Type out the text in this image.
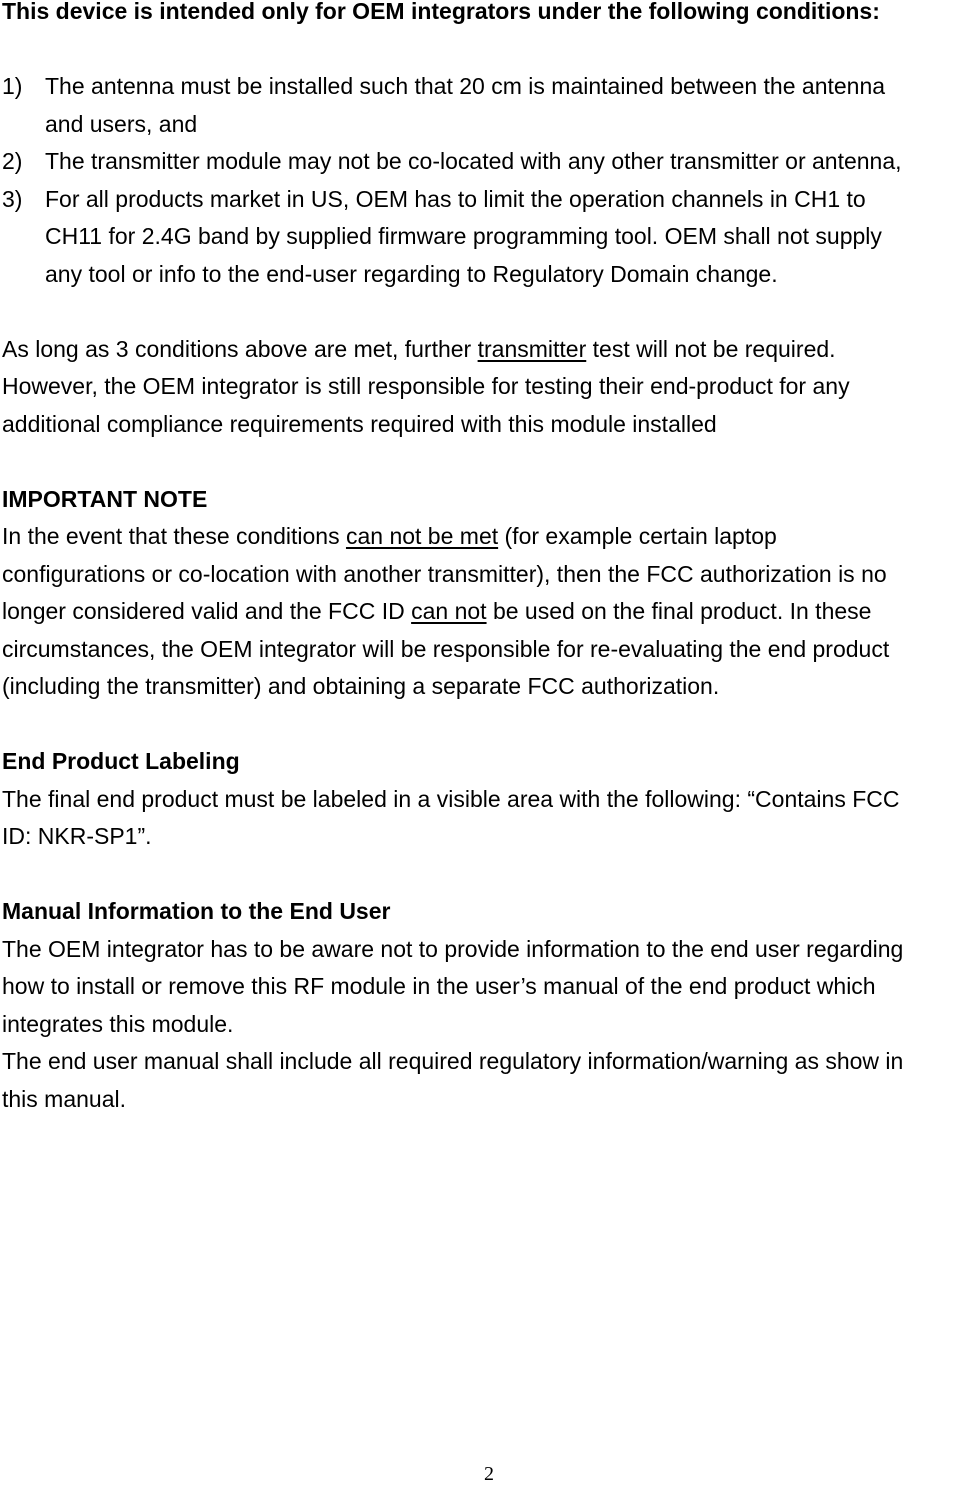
This device is intended only for OEM integrators under the following conditions:

1) The antenna must be installed such that 20 cm is maintained between the antenna

and users, and

2) The transmitter module may not be co-located with any other transmitter or antenna,

3) For all products market in US, OEM has to limit the operation channels in CH1 to

CH11 for 2.4G band by supplied firmware programming tool. OEM shall not supply

any tool or info to the end-user regarding to Regulatory Domain change.

As long as 3 conditions above are met, further transmitter test will not be required.

However, the OEM integrator is still responsible for testing their end-product for any

additional compliance requirements required with this module installed

IMPORTANT NOTE

In the event that these conditions can not be met (for example certain laptop

configurations or co-location with another transmitter), then the FCC authorization is no

longer considered valid and the FCC ID can not be used on the final product. In these

circumstances, the OEM integrator will be responsible for re-evaluating the end product

(including the transmitter) and obtaining a separate FCC authorization.

End Product Labeling

The final end product must be labeled in a visible area with the following: “Contains FCC

ID: NKR-SP1”.

Manual Information to the End User

The OEM integrator has to be aware not to provide information to the end user regarding

how to install or remove this RF module in the user’s manual of the end product which

integrates this module.

The end user manual shall include all required regulatory information/warning as show in

this manual.

2
